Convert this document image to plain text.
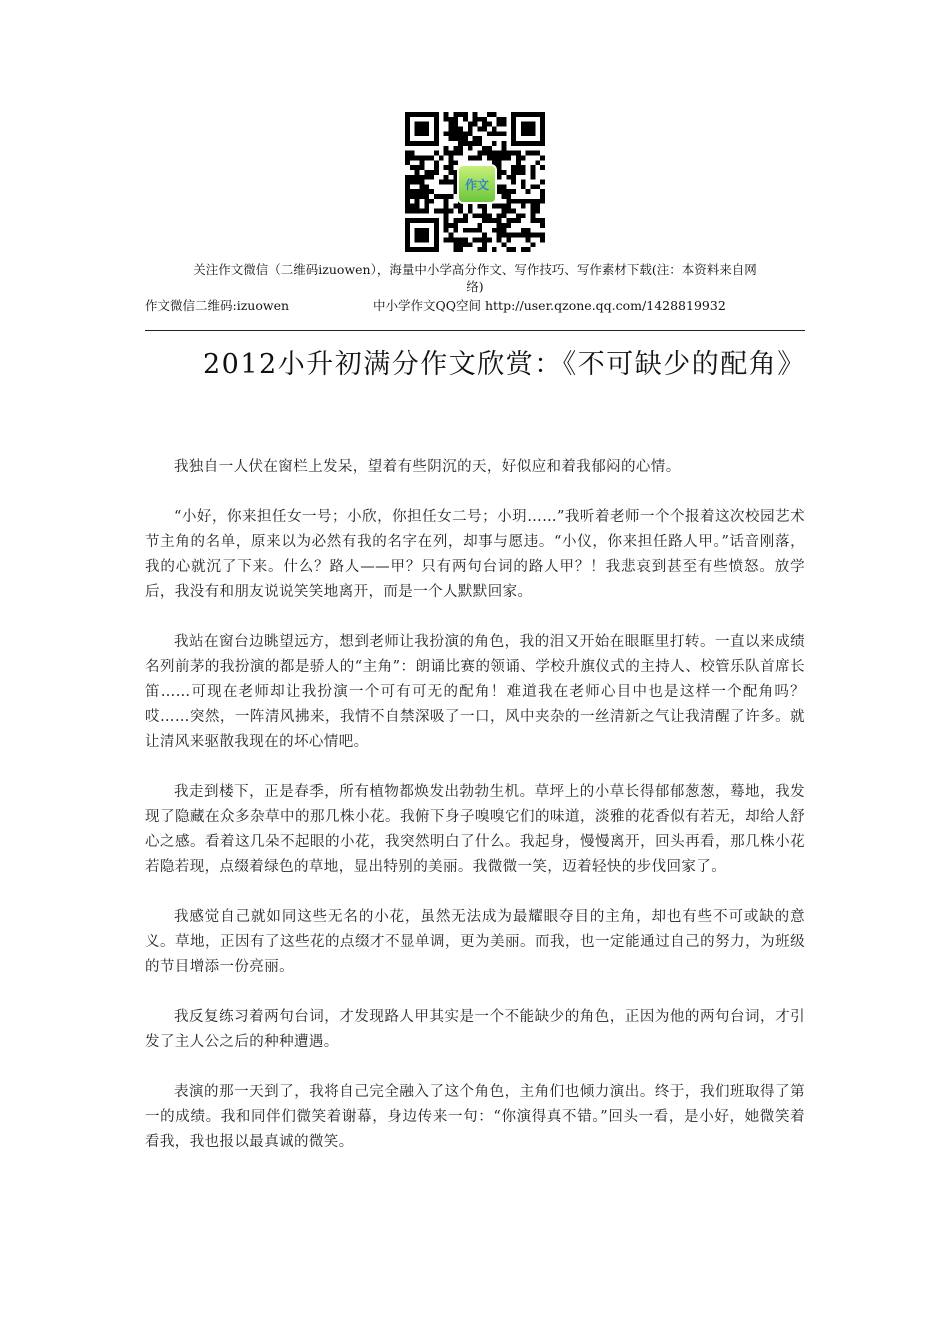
作文
关注作文微信（二维码izuowen），海量中小学高分作文、写作技巧、写作素材下载(注：本资料来自网
络)
作文微信二维码:izuowen	中小学作文QQ空间 http://user.qzone.qq.com/1428819932
2012小升初满分作文欣赏：《不可缺少的配角》

我独自一人伏在窗栏上发呆，望着有些阴沉的天，好似应和着我郁闷的心情。

“小好，你来担任女一号；小欣，你担任女二号；小玥……”我听着老师一个个报着这次校园艺术节主角的名单，原来以为必然有我的名字在列，却事与愿违。“小仪，你来担任路人甲。”话音刚落，我的心就沉了下来。什么？路人——甲？只有两句台词的路人甲？！我悲哀到甚至有些愤怒。放学后，我没有和朋友说说笑笑地离开，而是一个人默默回家。

我站在窗台边眺望远方，想到老师让我扮演的角色，我的泪又开始在眼眶里打转。一直以来成绩名列前茅的我扮演的都是骄人的“主角”：朗诵比赛的领诵、学校升旗仪式的主持人、校管乐队首席长笛……可现在老师却让我扮演一个可有可无的配角！难道我在老师心目中也是这样一个配角吗？哎……突然，一阵清风拂来，我情不自禁深吸了一口，风中夹杂的一丝清新之气让我清醒了许多。就让清风来驱散我现在的坏心情吧。

我走到楼下，正是春季，所有植物都焕发出勃勃生机。草坪上的小草长得郁郁葱葱，蓦地，我发现了隐藏在众多杂草中的那几株小花。我俯下身子嗅嗅它们的味道，淡雅的花香似有若无，却给人舒心之感。看着这几朵不起眼的小花，我突然明白了什么。我起身，慢慢离开，回头再看，那几株小花若隐若现，点缀着绿色的草地，显出特别的美丽。我微微一笑，迈着轻快的步伐回家了。

我感觉自己就如同这些无名的小花，虽然无法成为最耀眼夺目的主角，却也有些不可或缺的意义。草地，正因有了这些花的点缀才不显单调，更为美丽。而我，也一定能通过自己的努力，为班级的节目增添一份亮丽。

我反复练习着两句台词，才发现路人甲其实是一个不能缺少的角色，正因为他的两句台词，才引发了主人公之后的种种遭遇。

表演的那一天到了，我将自己完全融入了这个角色，主角们也倾力演出。终于，我们班取得了第一的成绩。我和同伴们微笑着谢幕，身边传来一句：“你演得真不错。”回头一看，是小好，她微笑着看我，我也报以最真诚的微笑。
